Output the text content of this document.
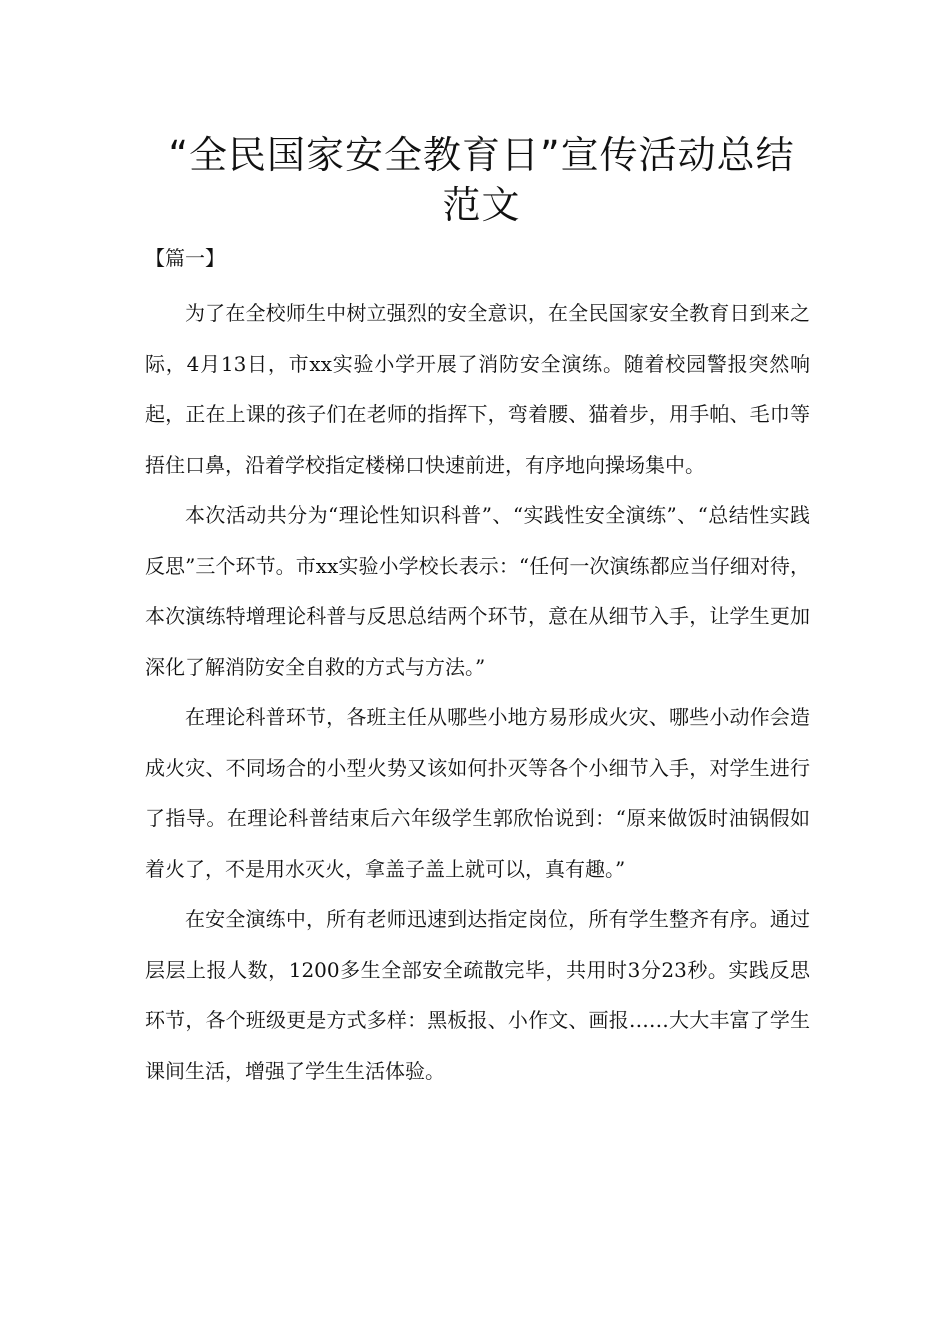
“全民国家安全教育日”宣传活动总结
范文
【篇一】

为了在全校师生中树立强烈的安全意识，在全民国家安全教育日到来之际，4月13日，市xx实验小学开展了消防安全演练。随着校园警报突然响起，正在上课的孩子们在老师的指挥下，弯着腰、猫着步，用手帕、毛巾等捂住口鼻，沿着学校指定楼梯口快速前进，有序地向操场集中。

本次活动共分为“理论性知识科普”、“实践性安全演练”、“总结性实践反思”三个环节。市xx实验小学校长表示：“任何一次演练都应当仔细对待，本次演练特增理论科普与反思总结两个环节，意在从细节入手，让学生更加深化了解消防安全自救的方式与方法。”

在理论科普环节，各班主任从哪些小地方易形成火灾、哪些小动作会造成火灾、不同场合的小型火势又该如何扑灭等各个小细节入手，对学生进行了指导。在理论科普结束后六年级学生郭欣怡说到：“原来做饭时油锅假如着火了，不是用水灭火，拿盖子盖上就可以，真有趣。”

在安全演练中，所有老师迅速到达指定岗位，所有学生整齐有序。通过层层上报人数，1200多生全部安全疏散完毕，共用时3分23秒。实践反思环节，各个班级更是方式多样：黑板报、小作文、画报……大大丰富了学生课间生活，增强了学生生活体验。
